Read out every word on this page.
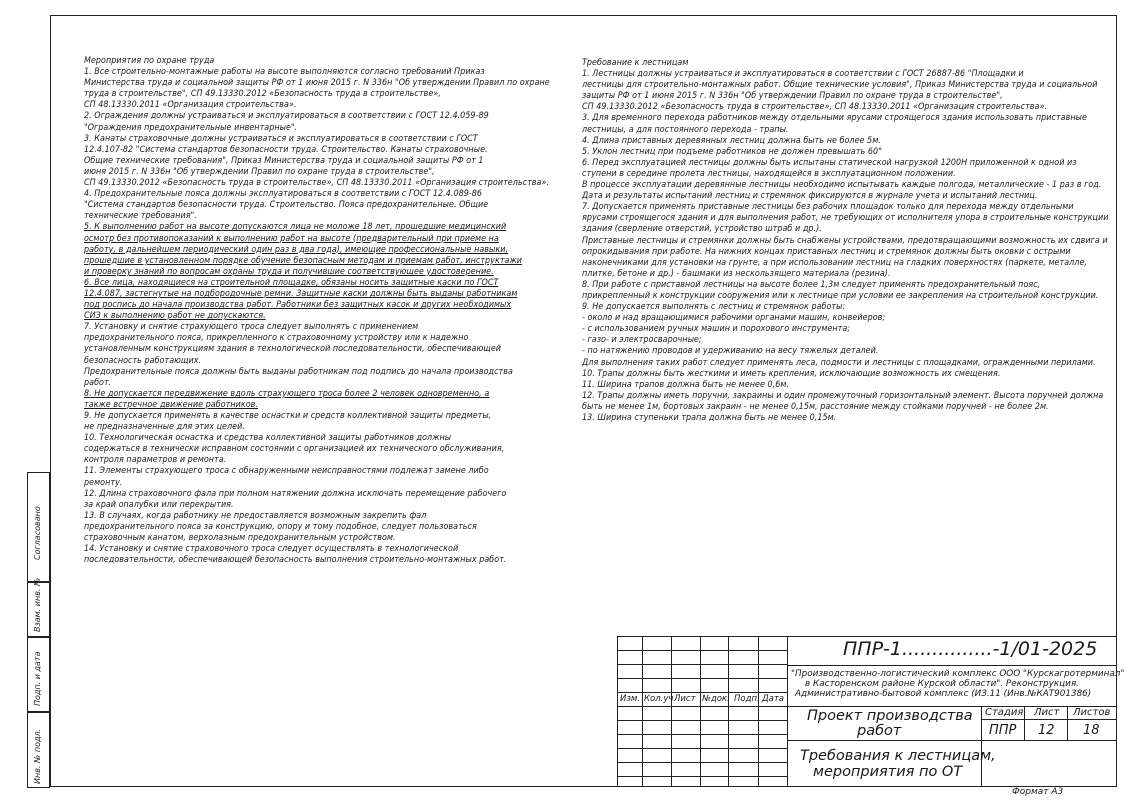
Мероприятия по охране труда

1. Все строительно-монтажные работы на высоте выполняются согласно требований Приказ

Министерства труда и социальной защиты РФ от 1 июня 2015 г. N 336н "Об утверждении Правил по охране

труда в строительстве", СП 49.13330.2012 «Безопасность труда в строительстве»,

СП 48.13330.2011 «Организация строительства».

2. Ограждения должны устраиваться и эксплуатироваться в соответствии с ГОСТ 12.4.059-89

"Ограждения предохранительные инвентарные".

3. Канаты страховочные должны устраиваться и эксплуатироваться в соответствии с ГОСТ

12.4.107-82 "Система стандартов безопасности труда. Строительство. Канаты страховочные.

Общие технические требования", Приказ Министерства труда и социальной защиты РФ от 1

июня 2015 г. N 336н "Об утверждении Правил по охране труда в строительстве",

СП 49.13330.2012 «Безопасность труда в строительстве», СП 48.13330.2011 «Организация строительства».

4. Предохранительные пояса должны эксплуатироваться в соответствии с ГОСТ 12.4.089-86

"Система стандартов безопасности труда. Строительство. Пояса предохранительные. Общие

технические требования".

5. К выполнению работ на высоте допускаются лица не моложе 18 лет, прошедшие медицинский

осмотр без противопоказаний к выполнению работ на высоте (предварительный при приеме на

работу, в дальнейшем периодический один раз в два года), имеющие профессиональные навыки,

прошедшие в установленном порядке обучение безопасным методам и приемам работ, инструктажи

и проверку знаний по вопросам охраны труда и получившие соответствующее удостоверение.

6. Все лица, находящиеся на строительной площадке, обязаны носить защитные каски по ГОСТ

12.4.087, застегнутые на подбородочные ремни. Защитные каски должны быть выданы работникам

под роспись до начала производства работ. Работники без защитных касок и других необходимых

СИЗ к выполнению работ не допускаются.

7. Установку и снятие страхующего троса следует выполнять с применением

предохранительного пояса, прикрепленного к страховочному устройству или к надежно

установленным конструкциям здания в технологической последовательности, обеспечивающей

безопасность работающих.

Предохранительные пояса должны быть выданы работникам под подпись до начала производства

работ.

8. Не допускается передвижение вдоль страхующего троса более 2 человек одновременно, а

также встречное движение работников.

9. Не допускается применять в качестве оснастки и средств коллективной защиты предметы,

не предназначенные для этих целей.

10. Технологическая оснастка и средства коллективной защиты работников должны

содержаться в технически исправном состоянии с организацией их технического обслуживания,

контроля параметров и ремонта.

11. Элементы страхующего троса с обнаруженными неисправностями подлежат замене либо

ремонту.

12. Длина страховочного фала при полном натяжении должна исключать перемещение рабочего

за край опалубки или перекрытия.

13. В случаях, когда работнику не предоставляется возможным закрепить фал

предохранительного пояса за конструкцию, опору и тому подобное, следует пользоваться

страховочным канатом, верхолазным предохранительным устройством.

14. Установку и снятие страховочного троса следует осуществлять в технологической

последовательности, обеспечивающей безопасность выполнения строительно-монтажных работ.

Требование к лестницам

1. Лестницы должны устраиваться и эксплуатироваться в соответствии с ГОСТ 26887-86 "Площадки и

лестницы для строительно-монтажных работ. Общие технические условия", Приказ Министерства труда и социальной

защиты РФ от 1 июня 2015 г. N 336н "Об утверждении Правил по охране труда в строительстве",

СП 49.13330.2012 «Безопасность труда в строительстве», СП 48.13330.2011 «Организация строительства».

3. Для временного перехода работников между отдельными ярусами строящегося здания использовать приставные

лестницы, а для постоянного перехода - трапы.

4. Длина приставных деревянных лестниц должна быть не более 5м.

5. Уклон лестниц при подъеме работников не должен превышать 60°

6. Перед эксплуатацией лестницы должны быть испытаны статической нагрузкой 1200Н приложенной к одной из

ступени в середине пролета лестницы, находящейся в эксплуатационном положении.

В процессе эксплуатации деревянные лестницы необходимо испытывать каждые полгода, металлические - 1 раз в год.

Дата и результаты испытаний лестниц и стремянок фиксируются в журнале учета и испытаний лестниц.

7. Допускается применять приставные лестницы без рабочих площадок только для перехода между отдельными

ярусами строящегося здания и для выполнения работ, не требующих от исполнителя упора в строительные конструкции

здания (сверление отверстий, устройство штраб и др.).

Приставные лестницы и стремянки должны быть снабжены устройствами, предотвращающими возможность их сдвига и

опрокидывания при работе. На нижних концах приставных лестниц и стремянок должны быть оковки с острыми

наконечниками для установки на грунте, а при использовании лестниц на гладких поверхностях (паркете, металле,

плитке, бетоне и др.) - башмаки из нескользящего материала (резина).

8. При работе с приставной лестницы на высоте более 1,3м следует применять предохранительный пояс,

прикрепленный к конструкции сооружения или к лестнице при условии ее закрепления на строительной конструкции.

9. Не допускается выполнять с лестниц и стремянок работы:

- около и над вращающимися рабочими органами машин, конвейеров;

- с использованием ручных машин и порохового инструмента;

- газо- и электросварочные;

- по натяжению проводов и удерживанию на весу тяжелых деталей.

Для выполнения таких работ следует применять леса, подмости и лестницы с площадками, огражденными перилами.

10. Трапы должны быть жесткими и иметь крепления, исключающие возможность их смещения.

11. Ширина трапов должна быть не менее 0,6м.

12. Трапы должны иметь поручни, закраины и один промежуточный горизонтальный элемент. Высота поручней должна

быть не менее 1м, бортовых закраин - не менее 0,15м, расстояние между стойками поручней - не более 2м.

13. Ширина ступеньки трапа должна быть не менее 0,15м.

Согласовано
Взам. инв. №
Подп. и дата
Инв. № подл.
Изм. Кол.уч Лист №док. Подп. Дата
ППР-1...............-1/01-2025
"Производственно-логистический комплекс ООО "Курскагротерминал"
в Касторенском районе Курской области". Реконструкция.
Административно-бытовой комплекс (ИЗ.11 (Инв.№КАТ901386)
Проект производства
работ
Стадия Лист Листов
ППР 12 18
Требования к лестницам,
мероприятия по ОТ
Формат А3
